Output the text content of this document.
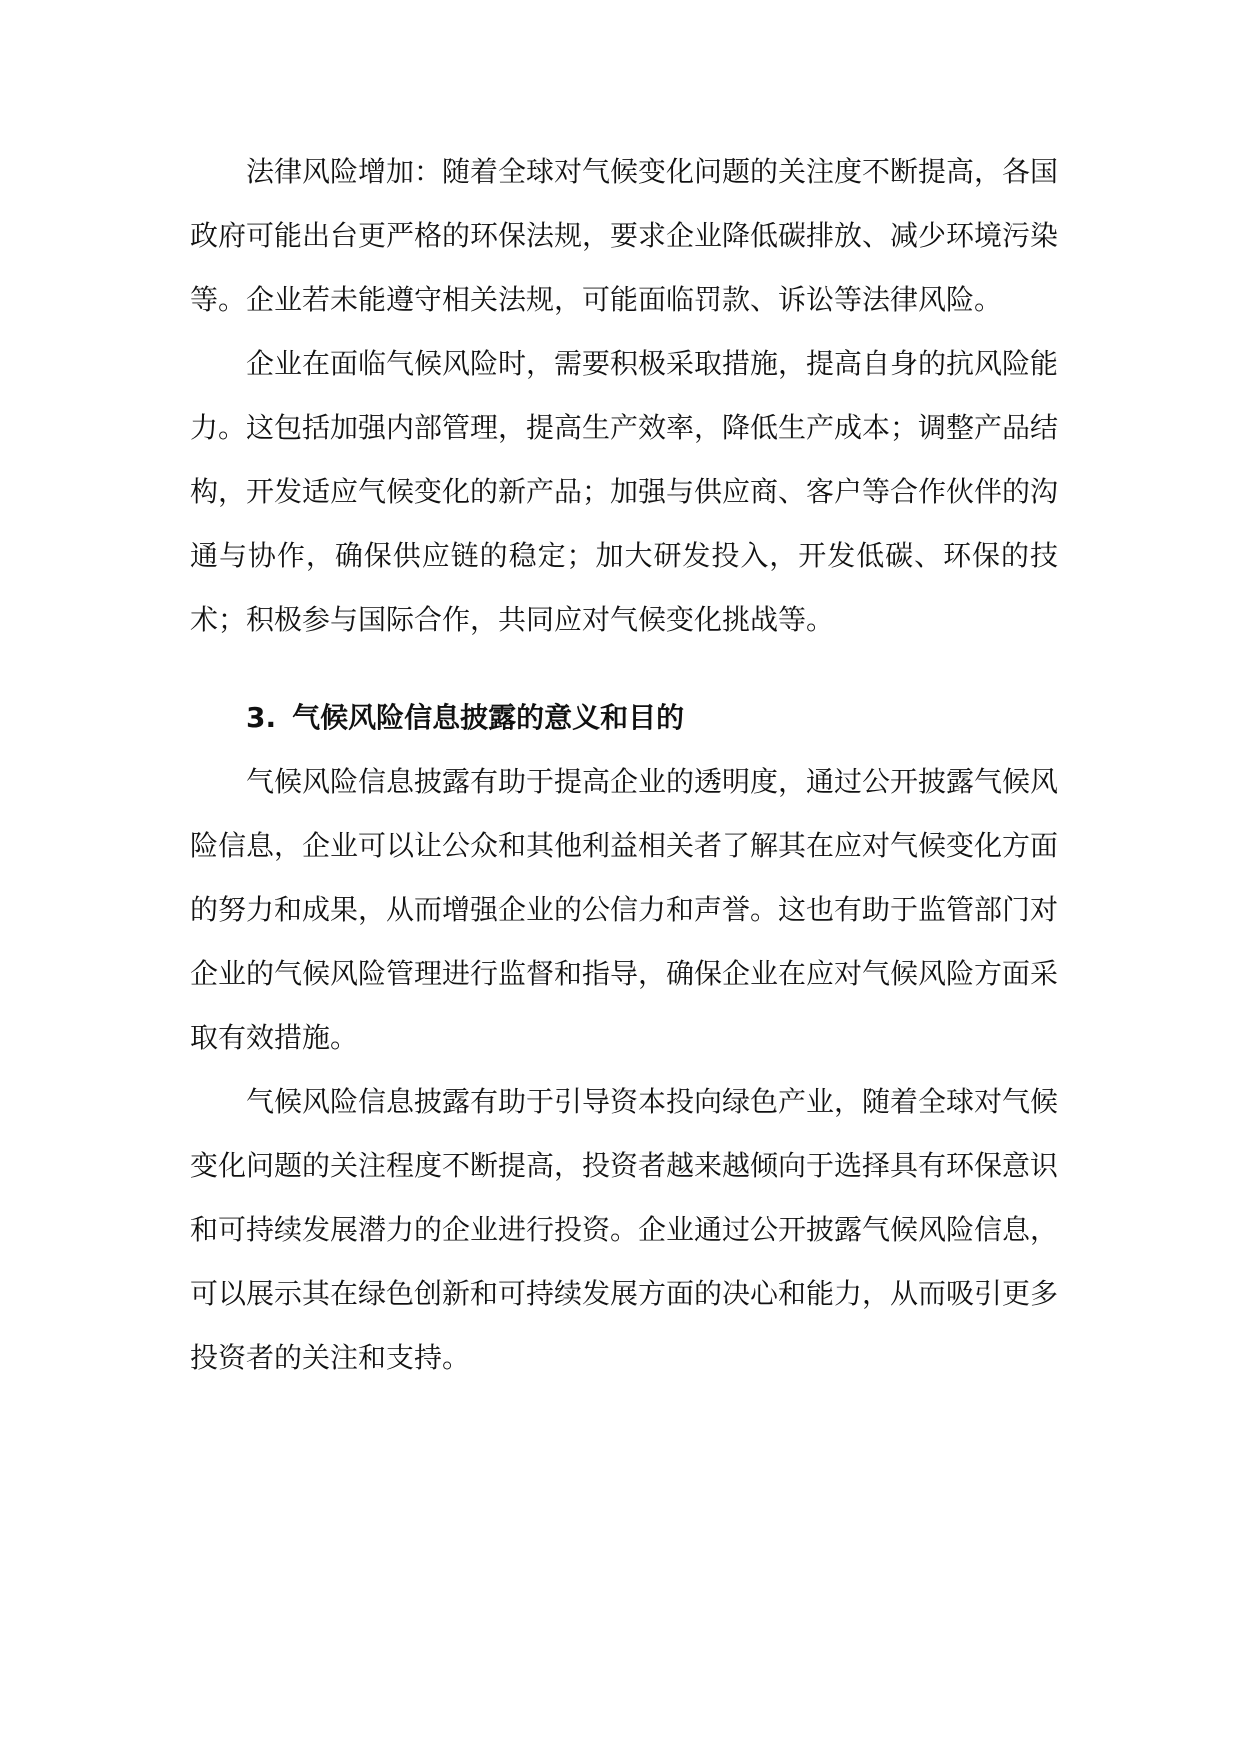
法律风险增加：随着全球对气候变化问题的关注度不断提高，各国政府可能出台更严格的环保法规，要求企业降低碳排放、减少环境污染等。企业若未能遵守相关法规，可能面临罚款、诉讼等法律风险。

企业在面临气候风险时，需要积极采取措施，提高自身的抗风险能力。这包括加强内部管理，提高生产效率，降低生产成本；调整产品结构，开发适应气候变化的新产品；加强与供应商、客户等合作伙伴的沟通与协作，确保供应链的稳定；加大研发投入，开发低碳、环保的技术；积极参与国际合作，共同应对气候变化挑战等。

3. 气候风险信息披露的意义和目的

气候风险信息披露有助于提高企业的透明度，通过公开披露气候风险信息，企业可以让公众和其他利益相关者了解其在应对气候变化方面的努力和成果，从而增强企业的公信力和声誉。这也有助于监管部门对企业的气候风险管理进行监督和指导，确保企业在应对气候风险方面采取有效措施。

气候风险信息披露有助于引导资本投向绿色产业，随着全球对气候变化问题的关注程度不断提高，投资者越来越倾向于选择具有环保意识和可持续发展潜力的企业进行投资。企业通过公开披露气候风险信息，可以展示其在绿色创新和可持续发展方面的决心和能力，从而吸引更多投资者的关注和支持。
